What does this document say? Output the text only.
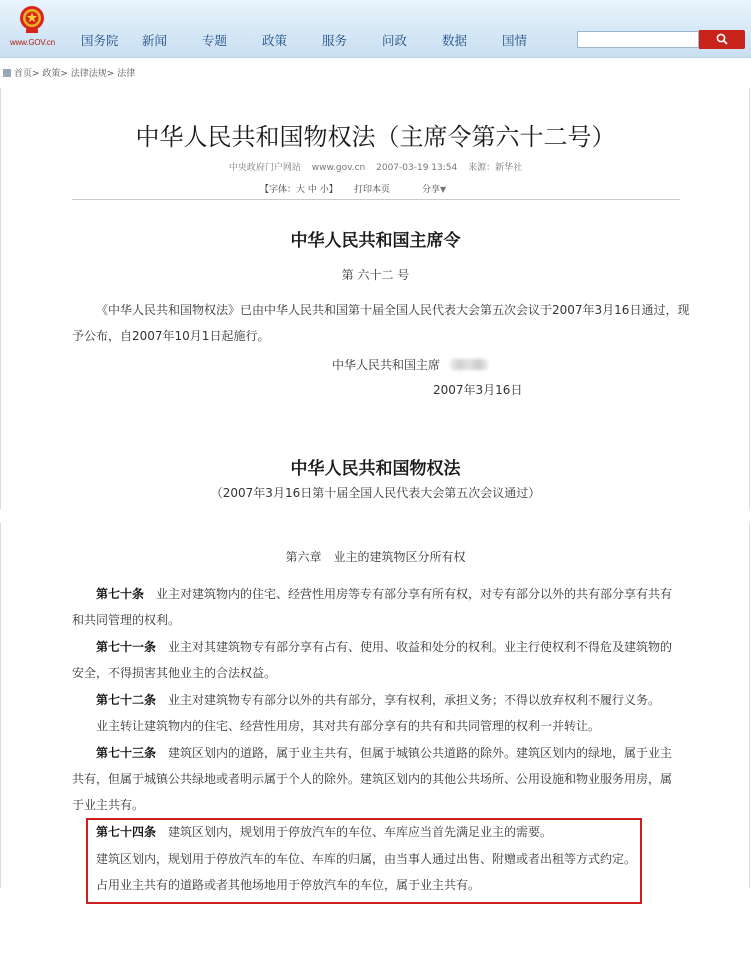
www.GOV.cn 国务院 新闻	专题	政策	服务	问政	数据	国情
首页> 政策> 法律法规> 法律
中华人民共和国物权法（主席令第六十二号）
中央政府门户网站 www.gov.cn 2007-03-19 13:54 来源：新华社
【字体：大 中 小】 打印本页	分享▼
中华人民共和国主席令
第 六十二 号
《中华人民共和国物权法》已由中华人民共和国第十届全国人民代表大会第五次会议于2007年3月16日通过，现予公布，自2007年10月1日起施行。
中华人民共和国主席
2007年3月16日
中华人民共和国物权法
（2007年3月16日第十届全国人民代表大会第五次会议通过）
第六章　业主的建筑物区分所有权
第七十条 业主对建筑物内的住宅、经营性用房等专有部分享有所有权，对专有部分以外的共有部分享有共有
和共同管理的权利。
第七十一条 业主对其建筑物专有部分享有占有、使用、收益和处分的权利。业主行使权利不得危及建筑物的
安全，不得损害其他业主的合法权益。
第七十二条 业主对建筑物专有部分以外的共有部分，享有权利，承担义务；不得以放弃权利不履行义务。
业主转让建筑物内的住宅、经营性用房，其对共有部分享有的共有和共同管理的权利一并转让。
第七十三条 建筑区划内的道路，属于业主共有，但属于城镇公共道路的除外。建筑区划内的绿地，属于业主
共有，但属于城镇公共绿地或者明示属于个人的除外。建筑区划内的其他公共场所、公用设施和物业服务用房，属
于业主共有。
第七十四条 建筑区划内，规划用于停放汽车的车位、车库应当首先满足业主的需要。
建筑区划内，规划用于停放汽车的车位、车库的归属，由当事人通过出售、附赠或者出租等方式约定。
占用业主共有的道路或者其他场地用于停放汽车的车位，属于业主共有。
